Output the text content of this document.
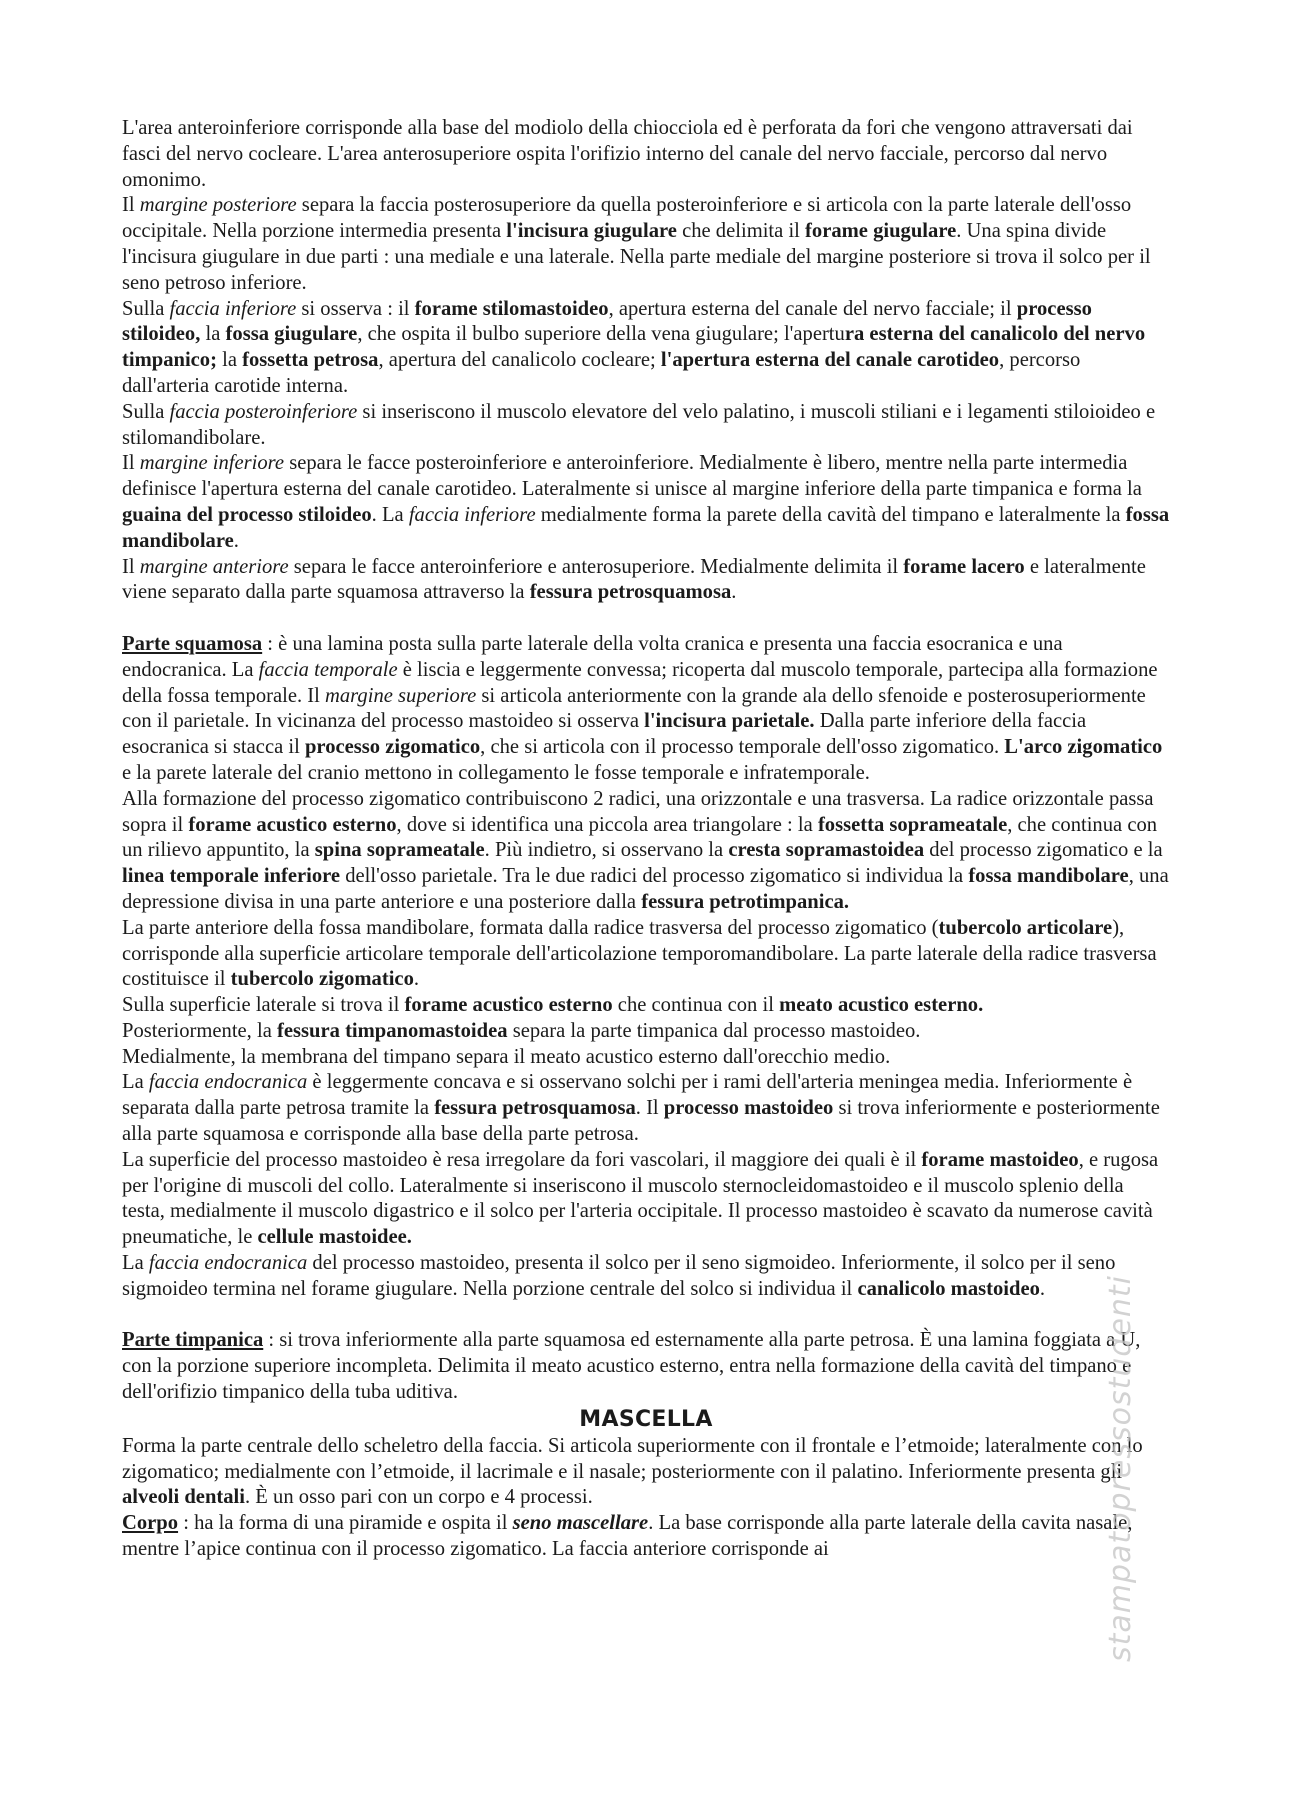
L'area anteroinferiore corrisponde alla base del modiolo della chiocciola ed è perforata da fori che vengono attraversati dai fasci del nervo cocleare. L'area anterosuperiore ospita l'orifizio interno del canale del nervo facciale, percorso dal nervo omonimo.

Il margine posteriore separa la faccia posterosuperiore da quella posteroinferiore e si articola con la parte laterale dell'osso occipitale. Nella porzione intermedia presenta l'incisura giugulare che delimita il forame giugulare. Una spina divide l'incisura giugulare in due parti : una mediale e una laterale. Nella parte mediale del margine posteriore si trova il solco per il seno petroso inferiore.

Sulla faccia inferiore si osserva : il forame stilomastoideo, apertura esterna del canale del nervo facciale; il processo stiloideo, la fossa giugulare, che ospita il bulbo superiore della vena giugulare; l'apertura esterna del canalicolo del nervo timpanico; la fossetta petrosa, apertura del canalicolo cocleare; l'apertura esterna del canale carotideo, percorso dall'arteria carotide interna.

Sulla faccia posteroinferiore si inseriscono il muscolo elevatore del velo palatino, i muscoli stiliani e i legamenti stiloioideo e stilomandibolare.

Il margine inferiore separa le facce posteroinferiore e anteroinferiore. Medialmente è libero, mentre nella parte intermedia definisce l'apertura esterna del canale carotideo. Lateralmente si unisce al margine inferiore della parte timpanica e forma la guaina del processo stiloideo. La faccia inferiore medialmente forma la parete della cavità del timpano e lateralmente la fossa mandibolare.

Il margine anteriore separa le facce anteroinferiore e anterosuperiore. Medialmente delimita il forame lacero e lateralmente viene separato dalla parte squamosa attraverso la fessura petrosquamosa.

Parte squamosa : è una lamina posta sulla parte laterale della volta cranica e presenta una faccia esocranica e una endocranica. La faccia temporale è liscia e leggermente convessa; ricoperta dal muscolo temporale, partecipa alla formazione della fossa temporale. Il margine superiore si articola anteriormente con la grande ala dello sfenoide e posterosuperiormente con il parietale. In vicinanza del processo mastoideo si osserva l'incisura parietale. Dalla parte inferiore della faccia esocranica si stacca il processo zigomatico, che si articola con il processo temporale dell'osso zigomatico. L'arco zigomatico e la parete laterale del cranio mettono in collegamento le fosse temporale e infratemporale.

Alla formazione del processo zigomatico contribuiscono 2 radici, una orizzontale e una trasversa. La radice orizzontale passa sopra il forame acustico esterno, dove si identifica una piccola area triangolare : la fossetta soprameatale, che continua con un rilievo appuntito, la spina soprameatale. Più indietro, si osservano la cresta sopramastoidea del processo zigomatico e la linea temporale inferiore dell'osso parietale. Tra le due radici del processo zigomatico si individua la fossa mandibolare, una depressione divisa in una parte anteriore e una posteriore dalla fessura petrotimpanica.

La parte anteriore della fossa mandibolare, formata dalla radice trasversa del processo zigomatico (tubercolo articolare), corrisponde alla superficie articolare temporale dell'articolazione temporomandibolare. La parte laterale della radice trasversa costituisce il tubercolo zigomatico.

Sulla superficie laterale si trova il forame acustico esterno che continua con il meato acustico esterno.

Posteriormente, la fessura timpanomastoidea separa la parte timpanica dal processo mastoideo.

Medialmente, la membrana del timpano separa il meato acustico esterno dall'orecchio medio.

La faccia endocranica è leggermente concava e si osservano solchi per i rami dell'arteria meningea media. Inferiormente è separata dalla parte petrosa tramite la fessura petrosquamosa. Il processo mastoideo si trova inferiormente e posteriormente alla parte squamosa e corrisponde alla base della parte petrosa.

La superficie del processo mastoideo è resa irregolare da fori vascolari, il maggiore dei quali è il forame mastoideo, e rugosa per l'origine di muscoli del collo. Lateralmente si inseriscono il muscolo sternocleidomastoideo e il muscolo splenio della testa, medialmente il muscolo digastrico e il solco per l'arteria occipitale. Il processo mastoideo è scavato da numerose cavità pneumatiche, le cellule mastoidee.

La faccia endocranica del processo mastoideo, presenta il solco per il seno sigmoideo. Inferiormente, il solco per il seno sigmoideo termina nel forame giugulare. Nella porzione centrale del solco si individua il canalicolo mastoideo.

Parte timpanica : si trova inferiormente alla parte squamosa ed esternamente alla parte petrosa. È una lamina foggiata a U, con la porzione superiore incompleta. Delimita il meato acustico esterno, entra nella formazione della cavità del timpano e dell'orifizio timpanico della tuba uditiva.

MASCELLA

Forma la parte centrale dello scheletro della faccia. Si articola superiormente con il frontale e l’etmoide; lateralmente con lo zigomatico; medialmente con l’etmoide, il lacrimale e il nasale; posteriormente con il palatino. Inferiormente presenta gli alveoli dentali. È un osso pari con un corpo e 4 processi.

Corpo : ha la forma di una piramide e ospita il seno mascellare. La base corrisponde alla parte laterale della cavita nasale, mentre l’apice continua con il processo zigomatico. La faccia anteriore corrisponde ai	stampatopressostudenti
